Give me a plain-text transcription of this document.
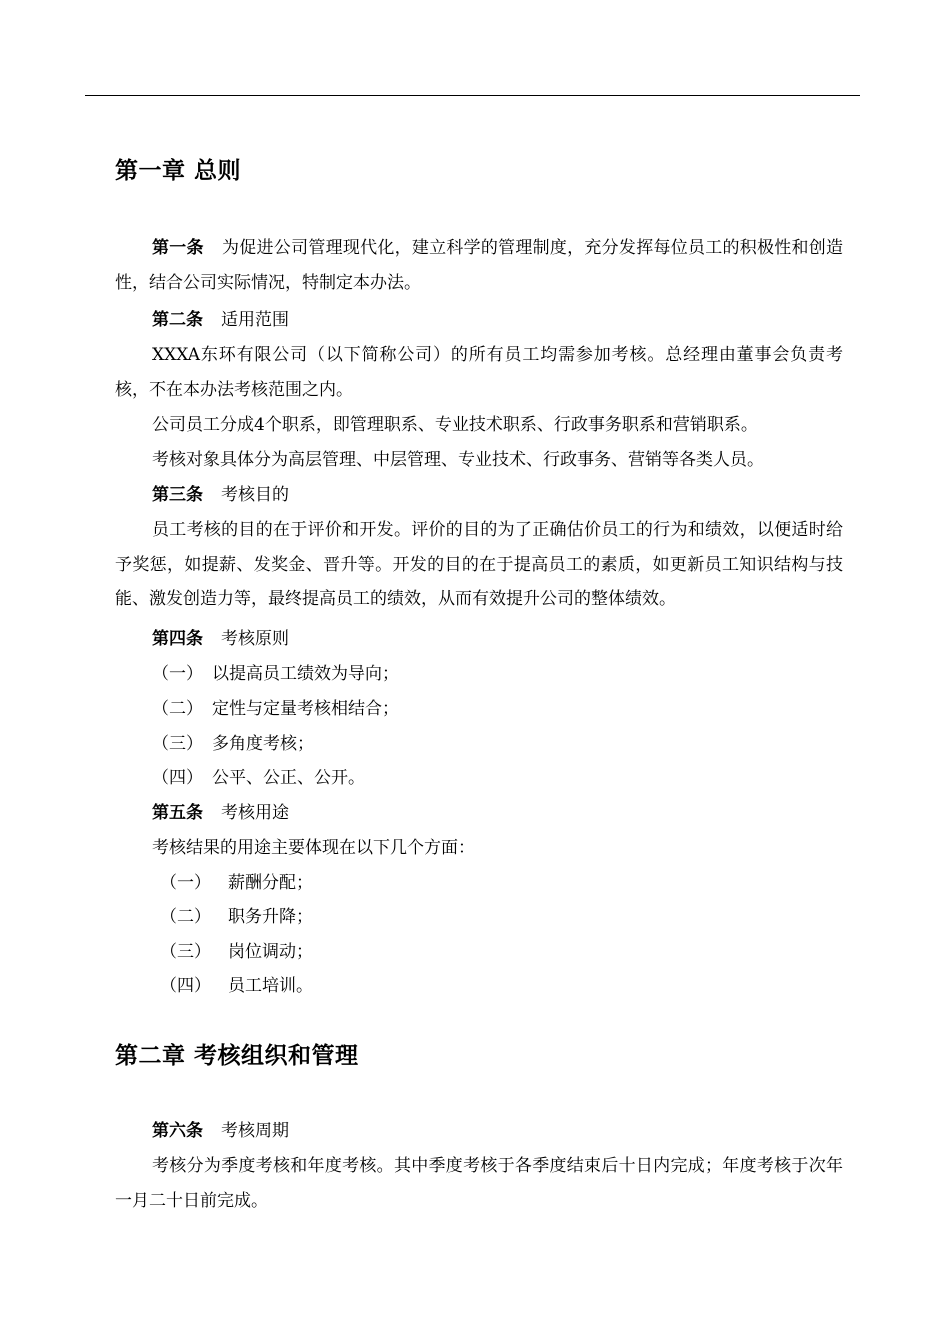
第一章 总则
第一条 为促进公司管理现代化，建立科学的管理制度，充分发挥每位员工的积极性和创造性，结合公司实际情况，特制定本办法。
第二条 适用范围
XXXA东环有限公司（以下简称公司）的所有员工均需参加考核。总经理由董事会负责考核，不在本办法考核范围之内。
公司员工分成4个职系，即管理职系、专业技术职系、行政事务职系和营销职系。
考核对象具体分为高层管理、中层管理、专业技术、行政事务、营销等各类人员。
第三条 考核目的
员工考核的目的在于评价和开发。评价的目的为了正确估价员工的行为和绩效，以便适时给予奖惩，如提薪、发奖金、晋升等。开发的目的在于提高员工的素质，如更新员工知识结构与技能、激发创造力等，最终提高员工的绩效，从而有效提升公司的整体绩效。
第四条 考核原则
（一） 以提高员工绩效为导向；
（二） 定性与定量考核相结合；
（三） 多角度考核；
（四） 公平、公正、公开。
第五条 考核用途
考核结果的用途主要体现在以下几个方面：
（一） 薪酬分配；
（二） 职务升降；
（三） 岗位调动；
（四） 员工培训。
第二章 考核组织和管理
第六条 考核周期
考核分为季度考核和年度考核。其中季度考核于各季度结束后十日内完成；年度考核于次年一月二十日前完成。
